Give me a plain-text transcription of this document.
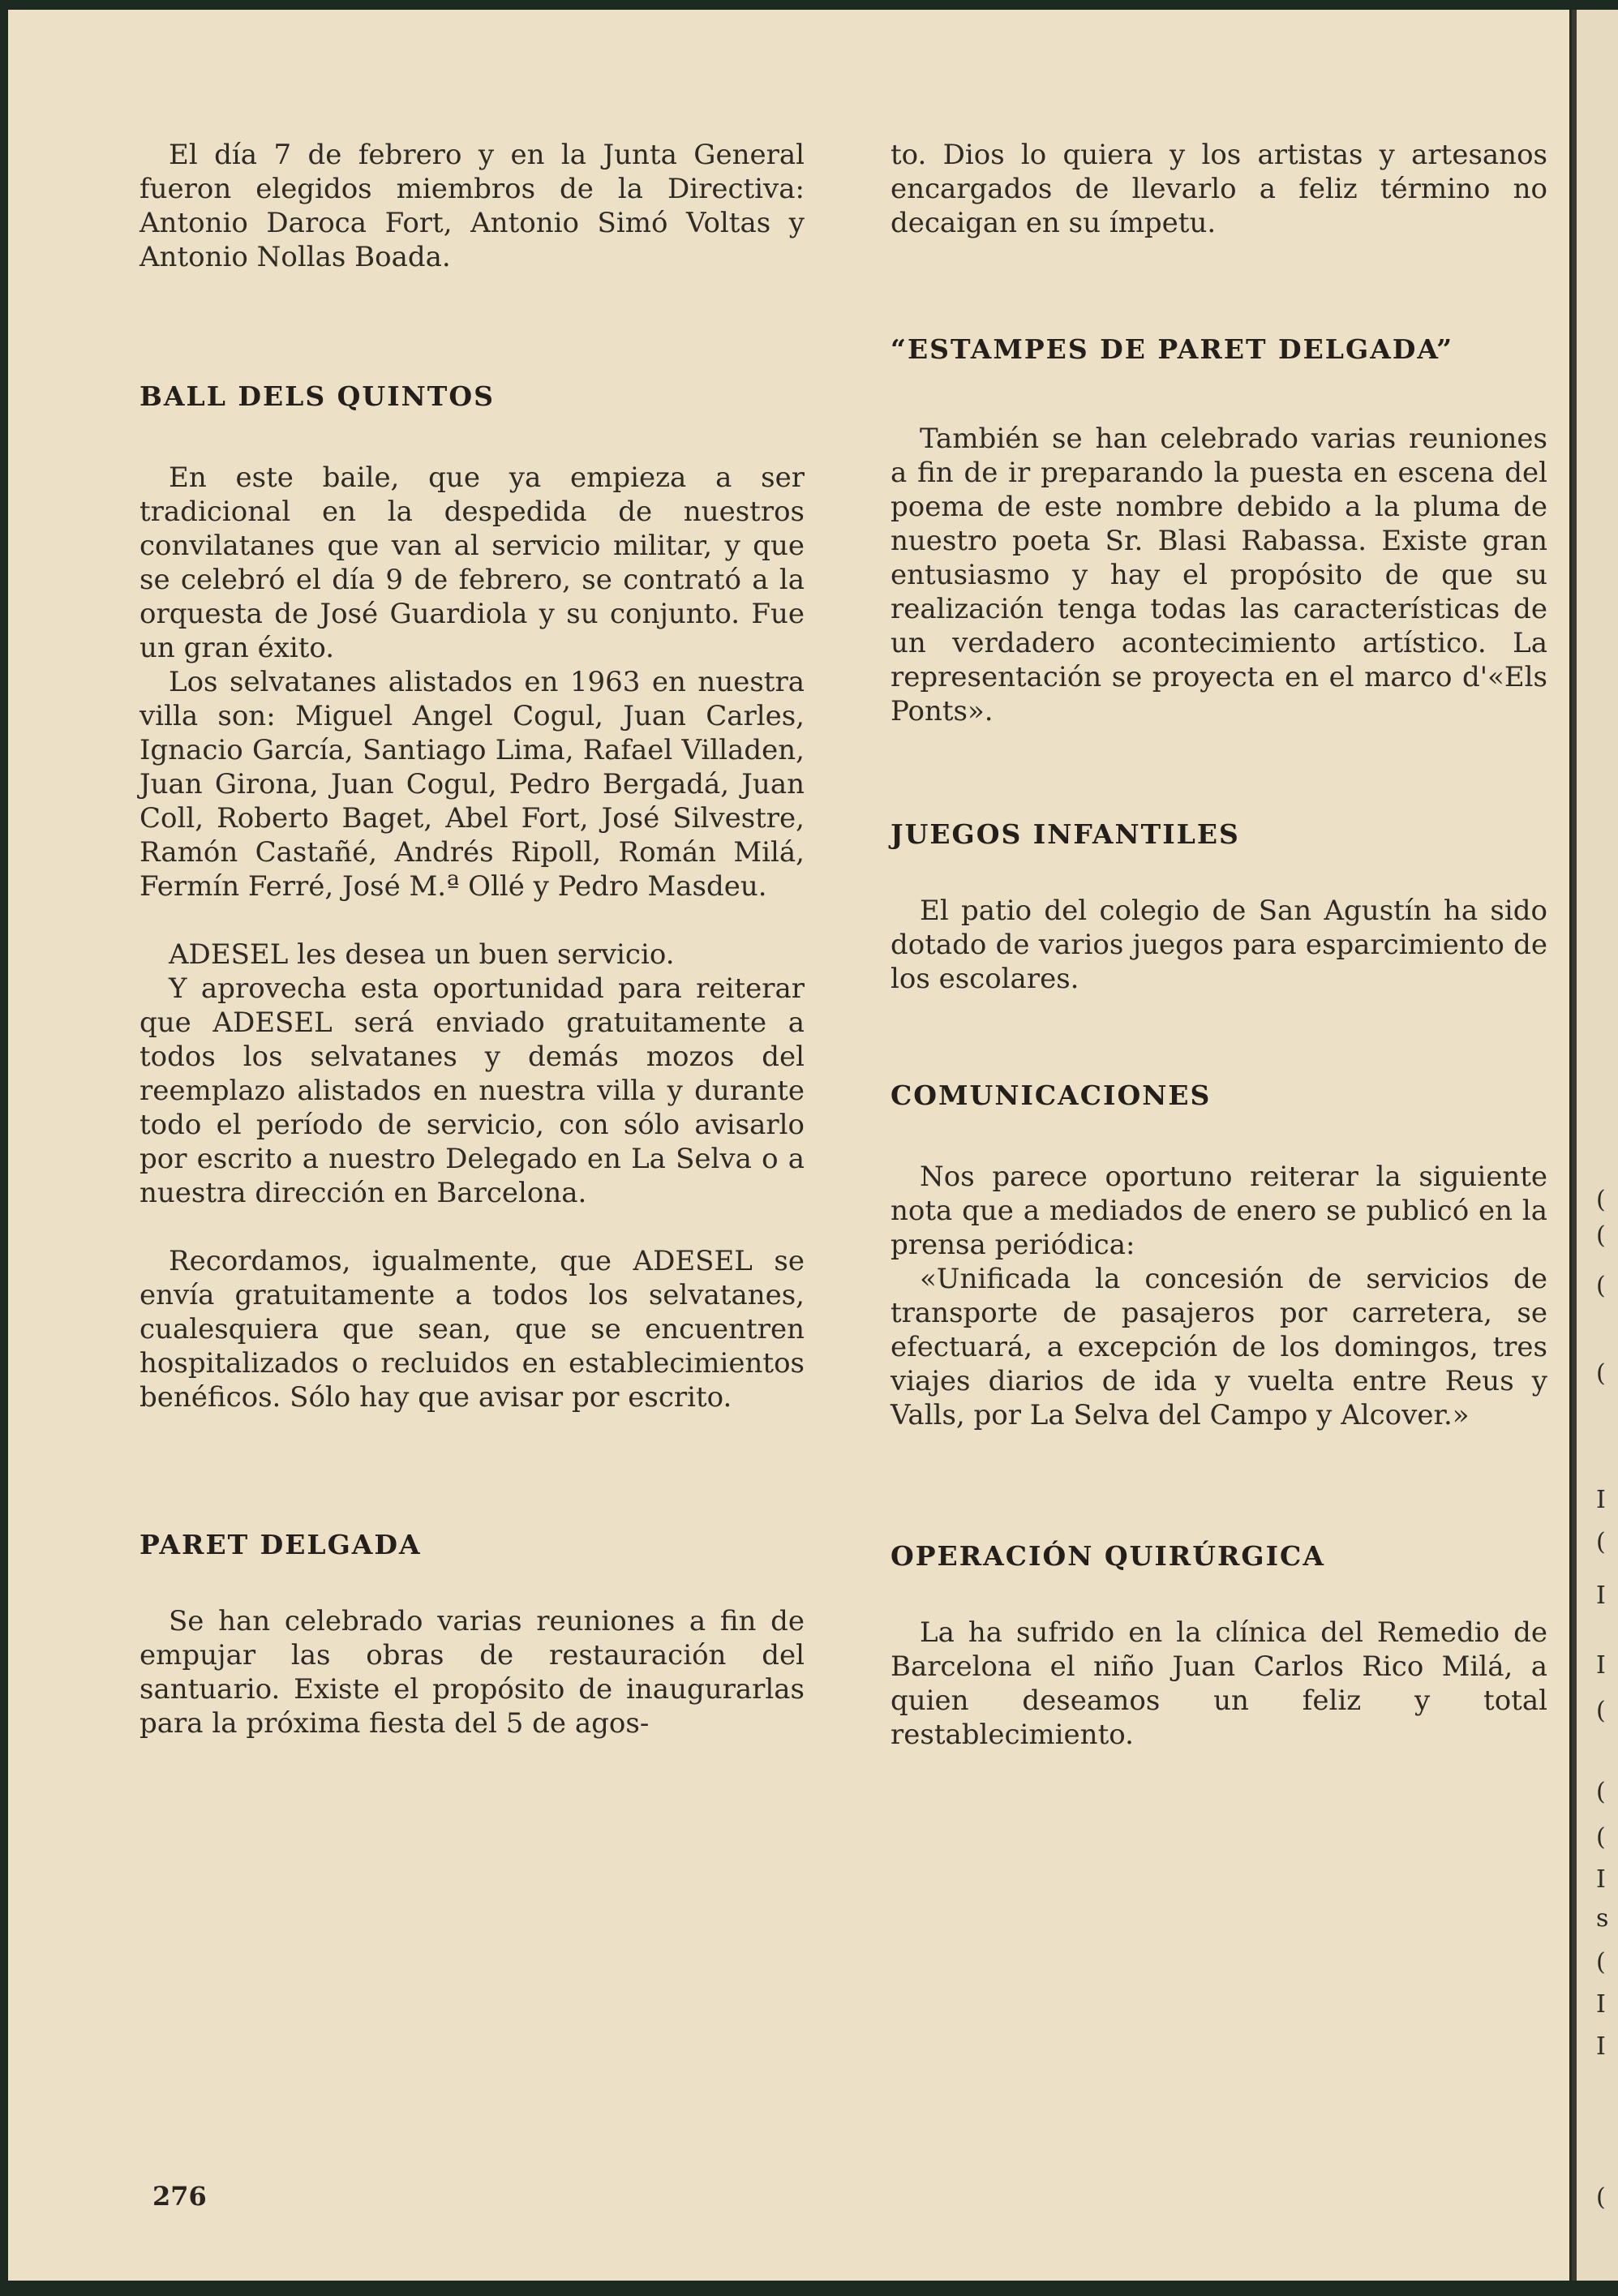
El día 7 de febrero y en la Junta General fueron elegidos miembros de la Directiva: Antonio Daroca Fort, Antonio Simó Voltas y Antonio Nollas Boada.

BALL DELS QUINTOS

En este baile, que ya empieza a ser tradicional en la despedida de nuestros convilatanes que van al servicio militar, y que se celebró el día 9 de febrero, se contrató a la orquesta de José Guardiola y su conjunto. Fue un gran éxito.

Los selvatanes alistados en 1963 en nuestra villa son: Miguel Angel Cogul, Juan Carles, Ignacio García, Santiago Lima, Rafael Villaden, Juan Girona, Juan Cogul, Pedro Bergadá, Juan Coll, Roberto Baget, Abel Fort, José Silvestre, Ramón Castañé, Andrés Ripoll, Román Milá, Fermín Ferré, José M.ª Ollé y Pedro Masdeu.

ADESEL les desea un buen servicio.

Y aprovecha esta oportunidad para reiterar que ADESEL será enviado gratuitamente a todos los selvatanes y demás mozos del reemplazo alistados en nuestra villa y durante todo el período de servicio, con sólo avisarlo por escrito a nuestro Delegado en La Selva o a nuestra dirección en Barcelona.

Recordamos, igualmente, que ADESEL se envía gratuitamente a todos los selvatanes, cualesquiera que sean, que se encuentren hospitalizados o recluidos en establecimientos benéficos. Sólo hay que avisar por escrito.

PARET DELGADA

Se han celebrado varias reuniones a fin de empujar las obras de restauración del santuario. Existe el propósito de inaugurarlas para la próxima fiesta del 5 de agos-

to. Dios lo quiera y los artistas y artesanos encargados de llevarlo a feliz término no decaigan en su ímpetu.

“ESTAMPES DE PARET DELGADA”

También se han celebrado varias reuniones a fin de ir preparando la puesta en escena del poema de este nombre debido a la pluma de nuestro poeta Sr. Blasi Rabassa. Existe gran entusiasmo y hay el propósito de que su realización tenga todas las características de un verdadero acontecimiento artístico. La representación se proyecta en el marco d'«Els Ponts».

JUEGOS INFANTILES

El patio del colegio de San Agustín ha sido dotado de varios juegos para esparcimiento de los escolares.

COMUNICACIONES

Nos parece oportuno reiterar la siguiente nota que a mediados de enero se publicó en la prensa periódica:

«Unificada la concesión de servicios de transporte de pasajeros por carretera, se efectuará, a excepción de los domingos, tres viajes diarios de ida y vuelta entre Reus y Valls, por La Selva del Campo y Alcover.»

OPERACIÓN QUIRÚRGICA

La ha sufrido en la clínica del Remedio de Barcelona el niño Juan Carlos Rico Milá, a quien deseamos un feliz y total restablecimiento.

276
(
(
(
(
I
(
I
I
(
(
(
I
s
(
I
I
(
